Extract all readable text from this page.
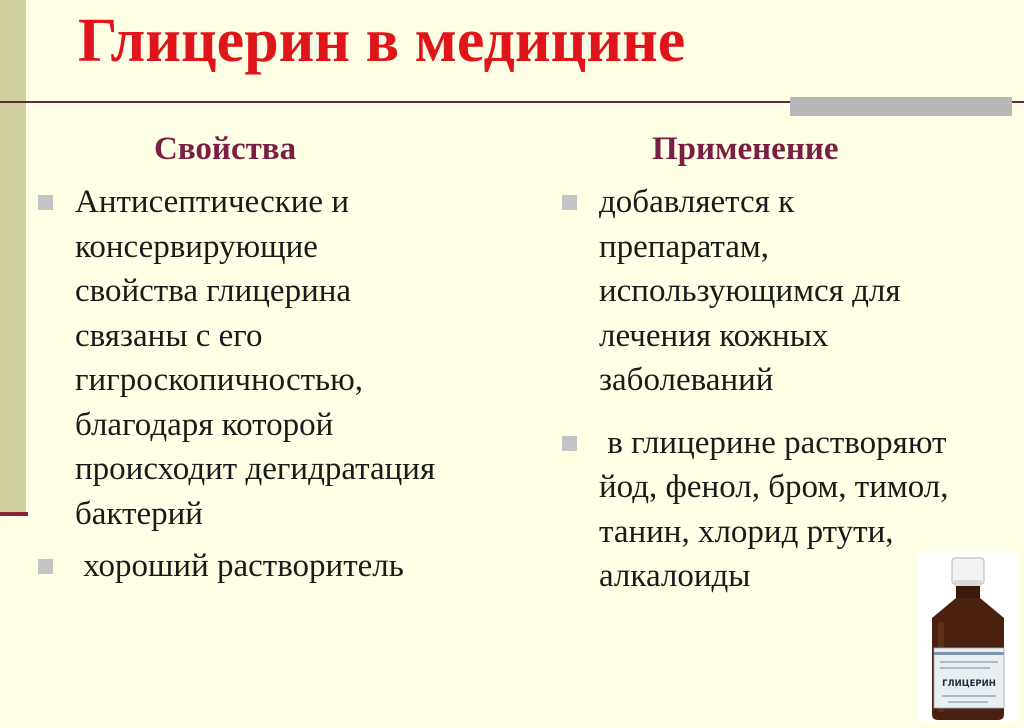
Глицерин в медицине
Свойства	Применение
Антисептические и
консервирующие
свойства глицерина
связаны с его
гигроскопичностью,
благодаря которой
происходит дегидратация
бактерий
хороший растворитель
добавляется к
препаратам,
использующимся для
лечения кожных
заболеваний
в глицерине растворяют
йод, фенол, бром, тимол,
танин, хлорид ртути,
алкалоиды
ГЛИЦЕРИН
